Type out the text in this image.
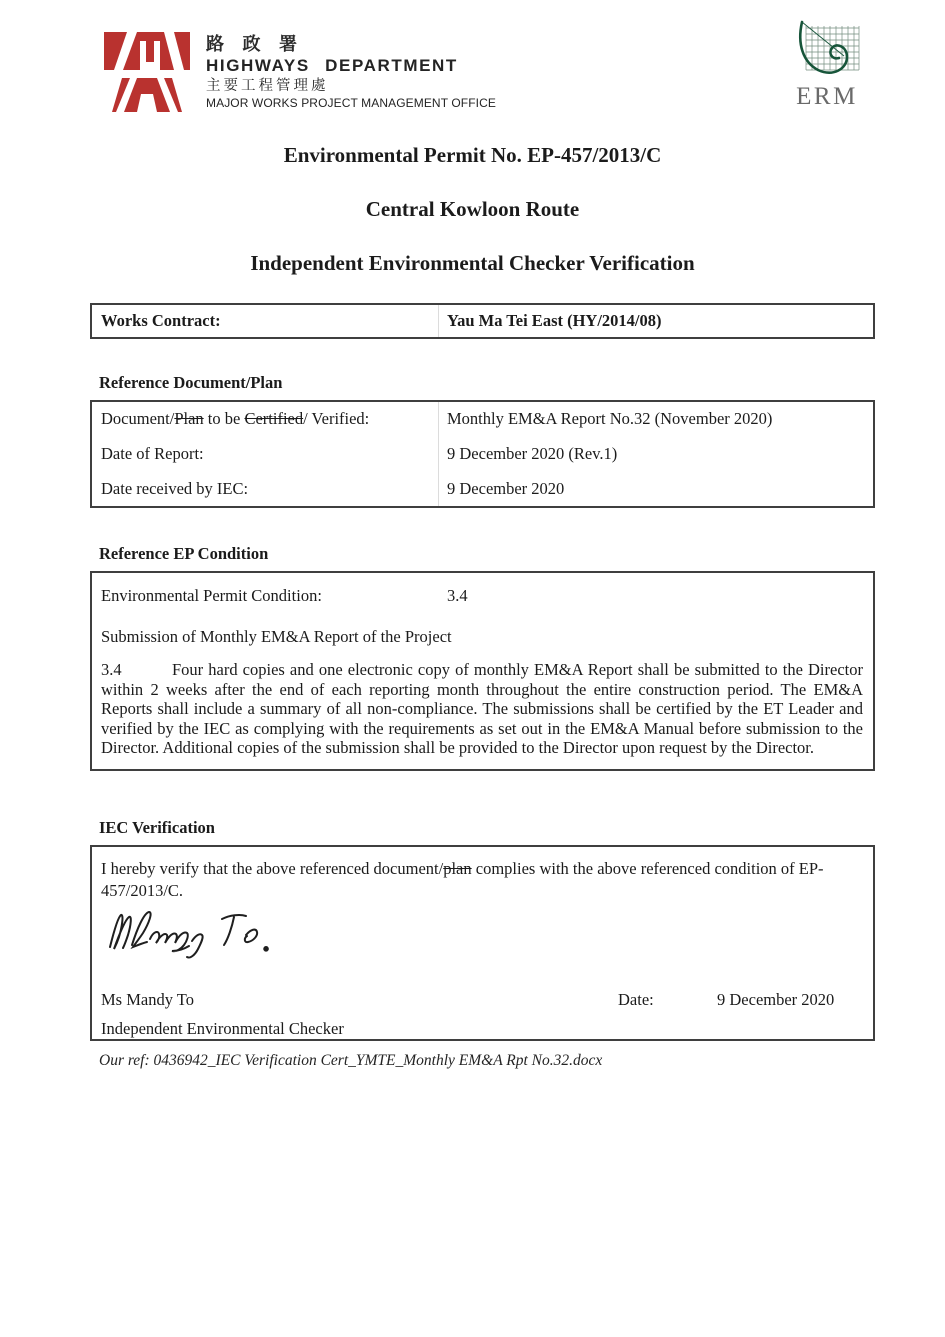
路 政 署
HIGHWAYS DEPARTMENT
主要工程管理處
MAJOR WORKS PROJECT MANAGEMENT OFFICE	ERM
Environmental Permit No. EP-457/2013/C
Central Kowloon Route
Independent Environmental Checker Verification
Works Contract:	Yau Ma Tei East (HY/2014/08)
Reference Document/Plan
Document/Plan to be Certified/ Verified:	Monthly EM&A Report No.32 (November 2020)
Date of Report:	9 December 2020 (Rev.1)
Date received by IEC:	9 December 2020
Reference EP Condition
Environmental Permit Condition:	3.4
Submission of Monthly EM&A Report of the Project
3.4	Four hard copies and one electronic copy of monthly EM&A Report shall be submitted to the Director within 2 weeks after the end of each reporting month throughout the entire construction period. The EM&A Reports shall include a summary of all non-compliance. The submissions shall be certified by the ET Leader and verified by the IEC as complying with the requirements as set out in the EM&A Manual before submission to the Director. Additional copies of the submission shall be provided to the Director upon request by the Director.
IEC Verification
I hereby verify that the above referenced document/plan complies with the above referenced condition of EP-457/2013/C.
Ms Mandy To	Date:	9 December 2020
Independent Environmental Checker
Our ref: 0436942_IEC Verification Cert_YMTE_Monthly EM&A Rpt No.32.docx
